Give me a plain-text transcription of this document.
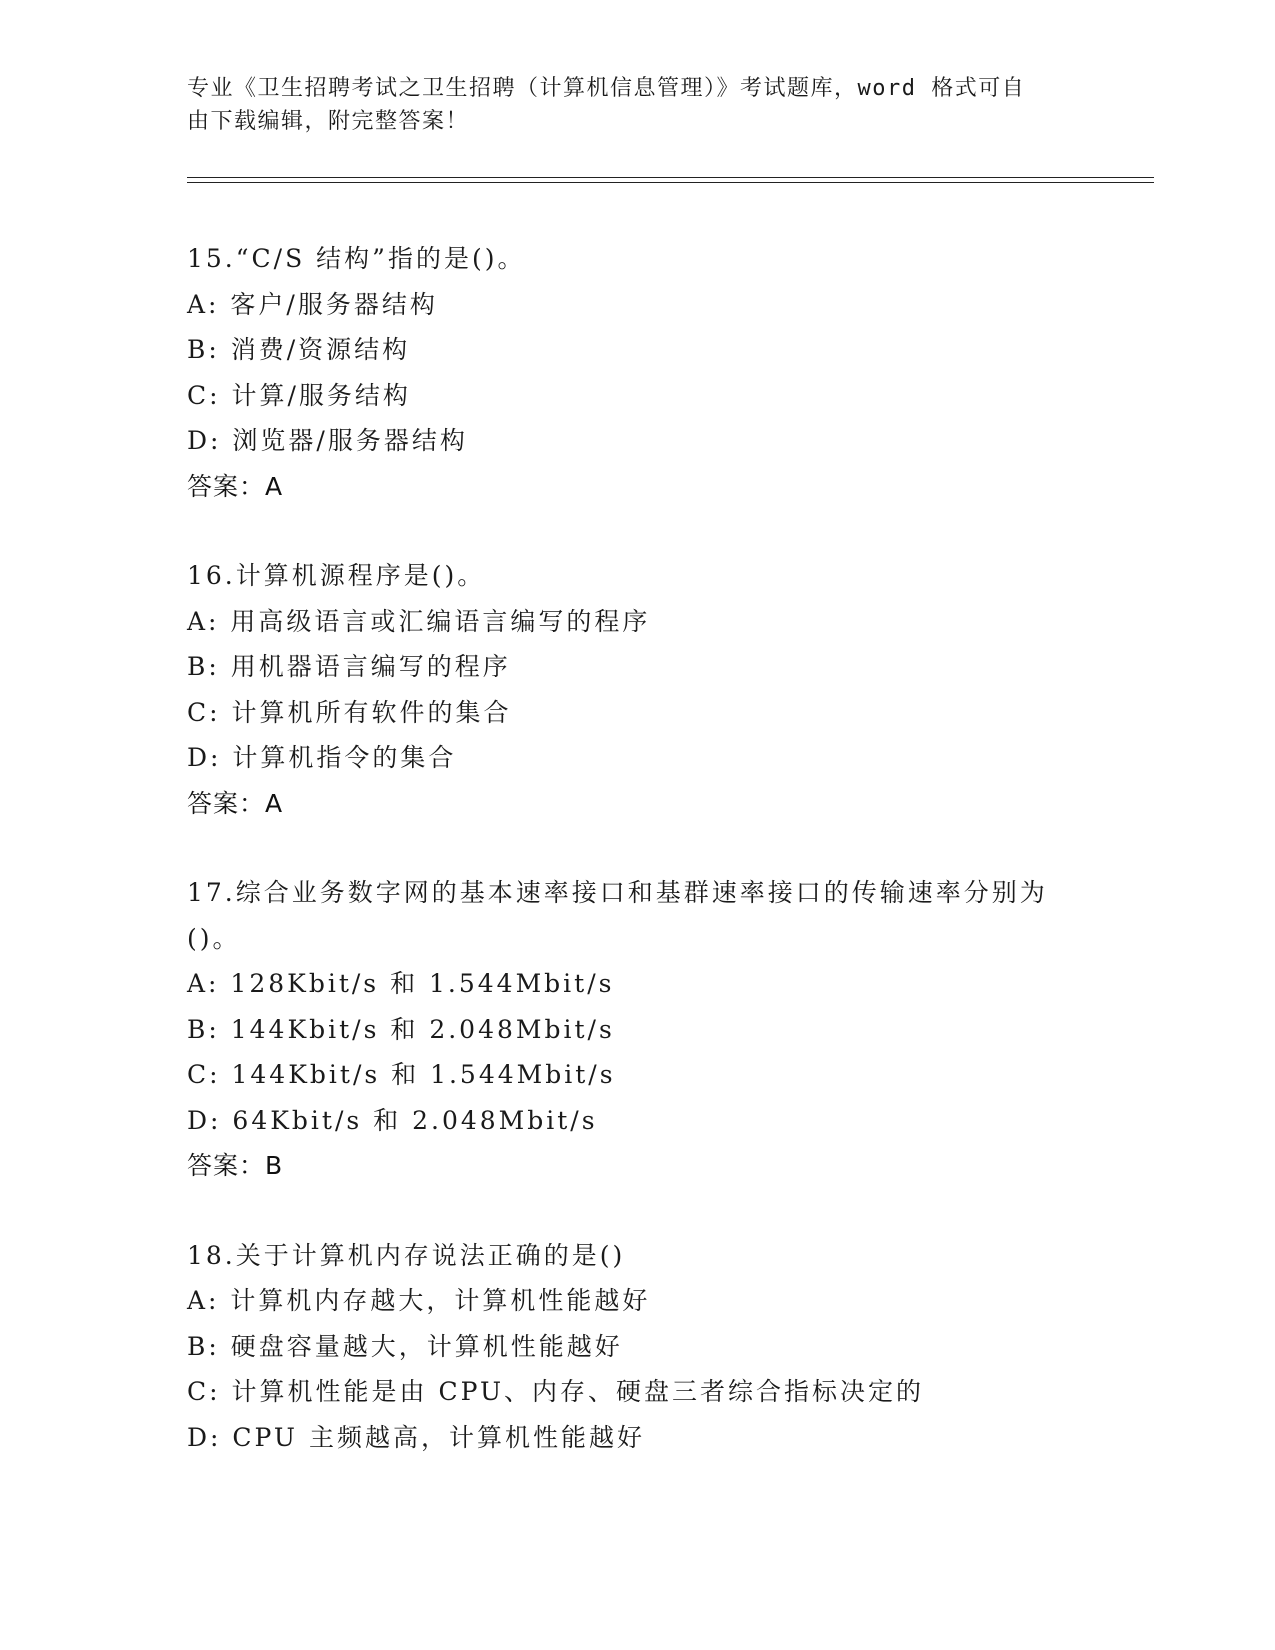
专业《卫生招聘考试之卫生招聘（计算机信息管理）》考试题库，word 格式可自
由下载编辑，附完整答案！
15.“C/S 结构”指的是()。
A: 客户/服务器结构
B: 消费/资源结构
C: 计算/服务结构
D: 浏览器/服务器结构
答案：A
16.计算机源程序是()。
A: 用高级语言或汇编语言编写的程序
B: 用机器语言编写的程序
C: 计算机所有软件的集合
D: 计算机指令的集合
答案：A
17.综合业务数字网的基本速率接口和基群速率接口的传输速率分别为()。
A: 128Kbit/s 和 1.544Mbit/s
B: 144Kbit/s 和 2.048Mbit/s
C: 144Kbit/s 和 1.544Mbit/s
D: 64Kbit/s 和 2.048Mbit/s
答案：B
18.关于计算机内存说法正确的是()
A: 计算机内存越大，计算机性能越好
B: 硬盘容量越大，计算机性能越好
C: 计算机性能是由 CPU、内存、硬盘三者综合指标决定的
D: CPU 主频越高，计算机性能越好
